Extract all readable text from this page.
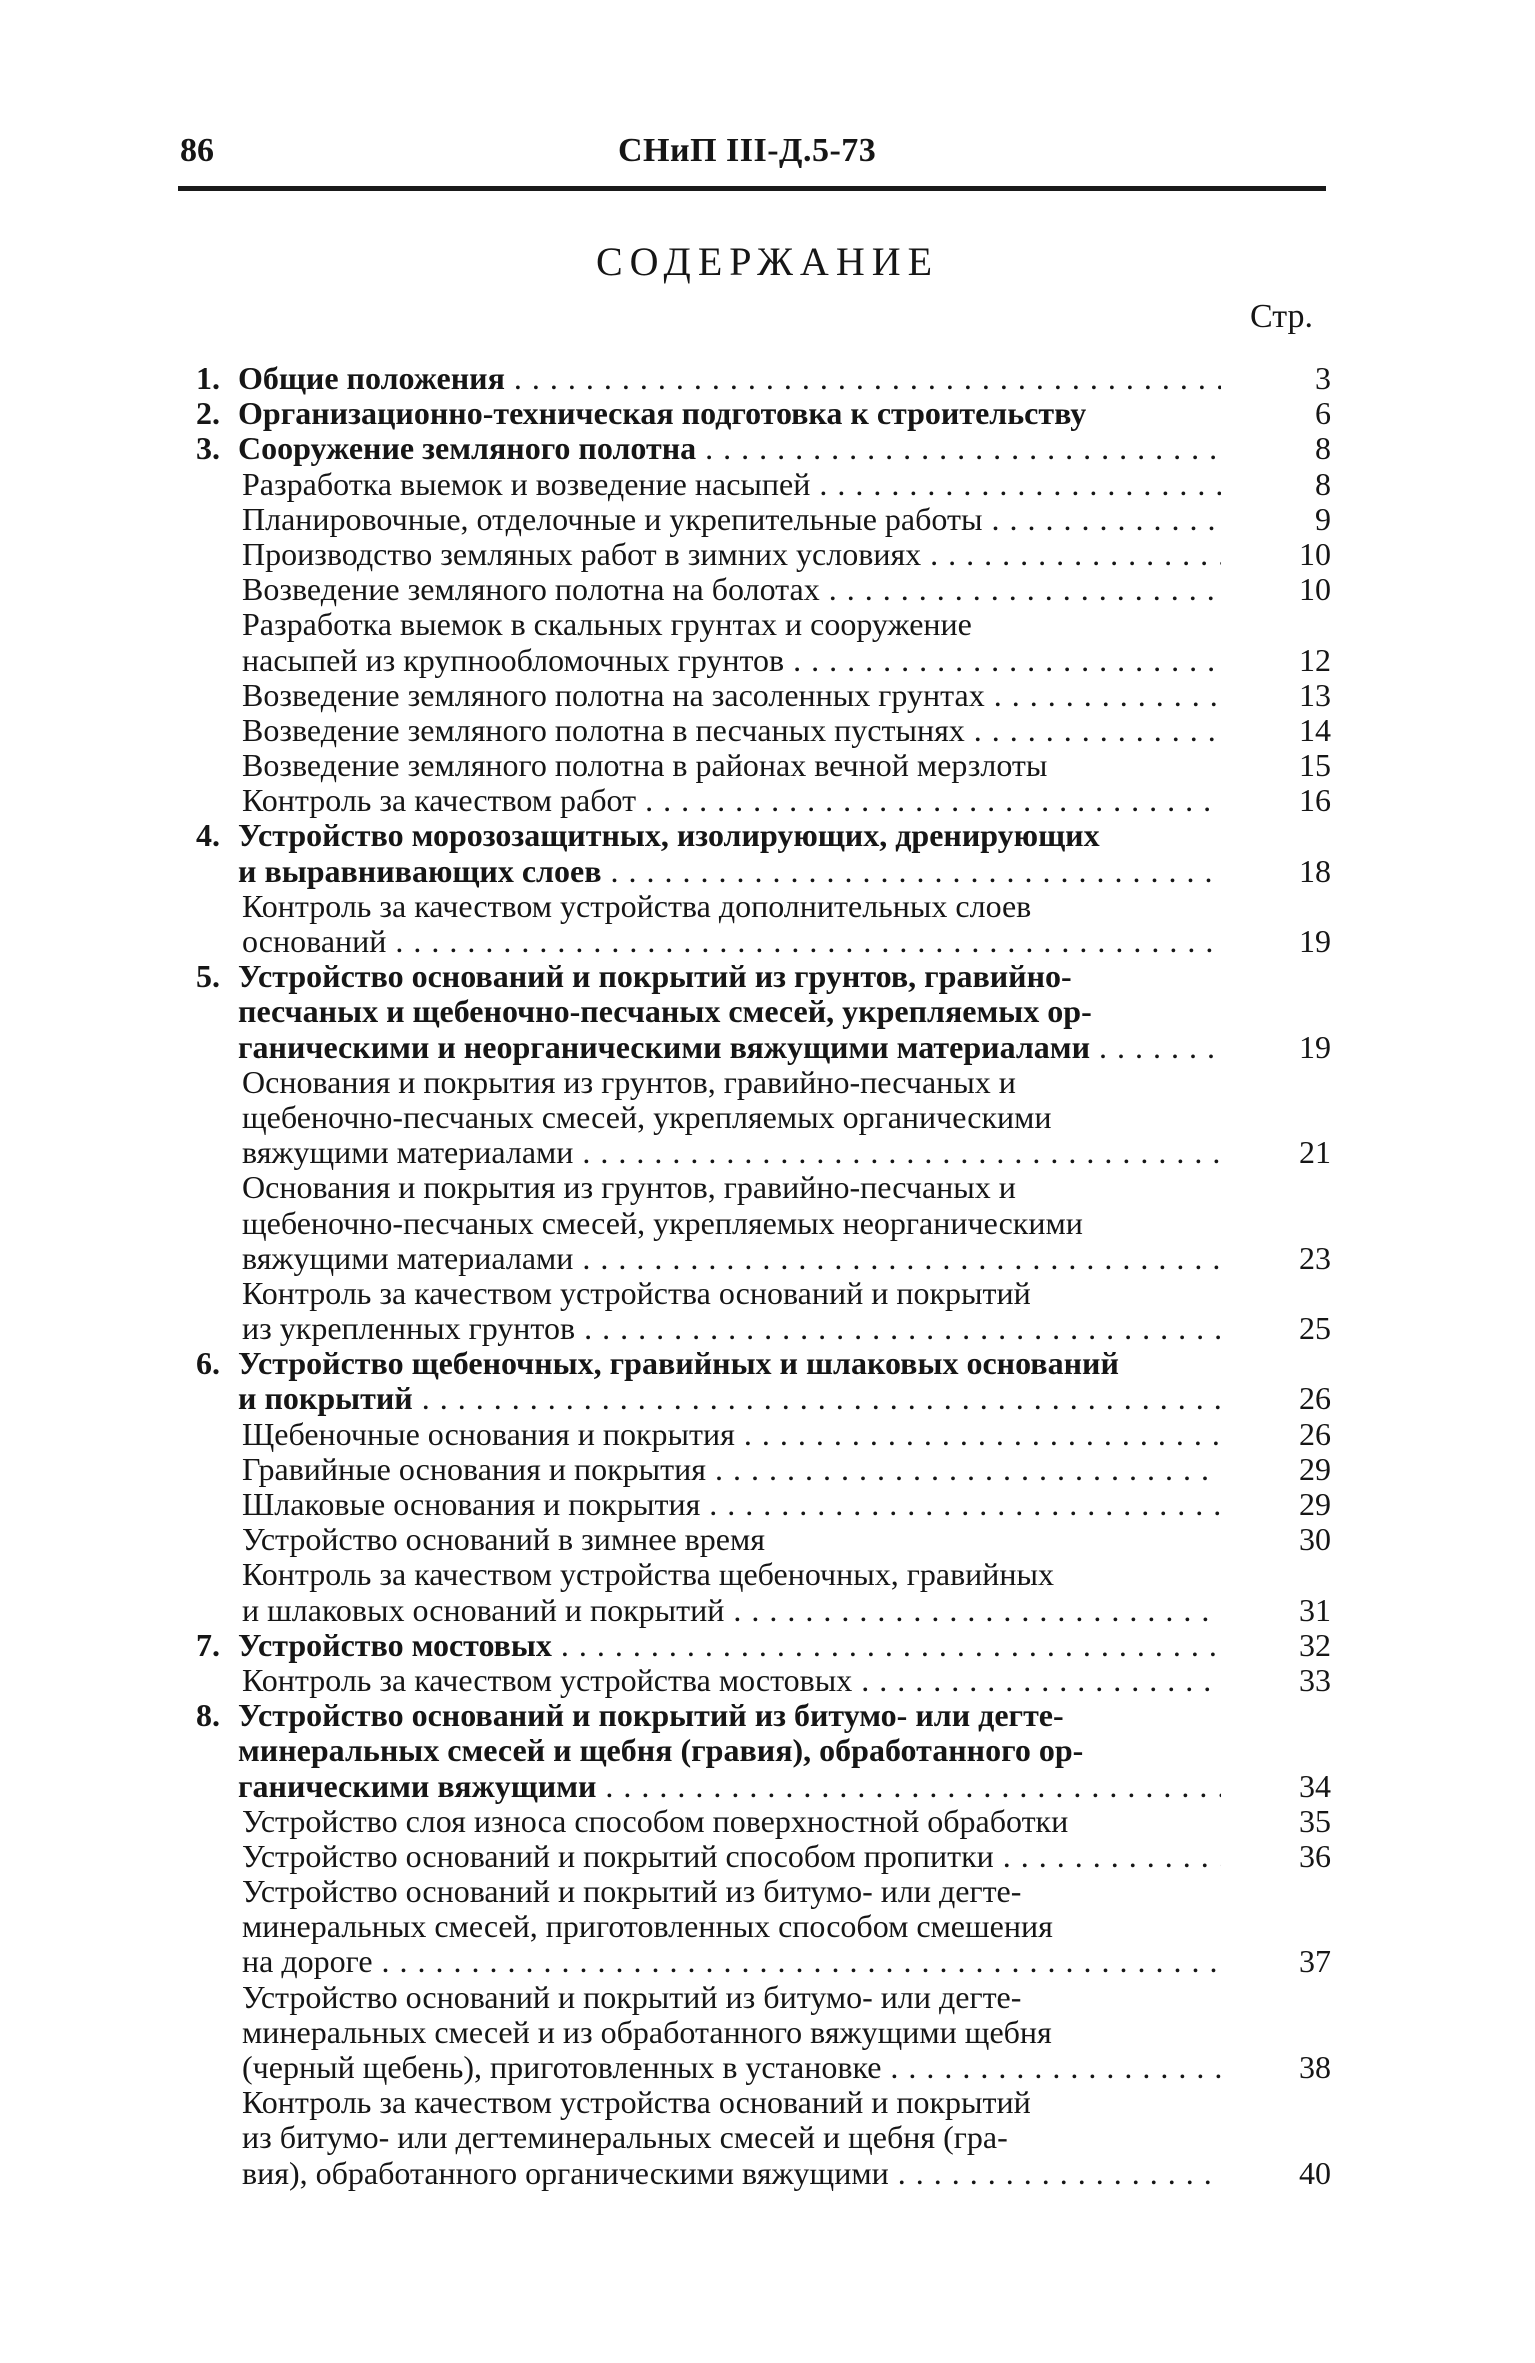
86	СНиП III-Д.5-73
СОДЕРЖАНИЕ
Стр.
1. Общие положения . . .	3
2. Организационно-техническая подготовка к строительству	6
3. Сооружение земляного полотна . . .	8
Разработка выемок и возведение насыпей . . .	8
Планировочные, отделочные и укрепительные работы . . .	9
Производство земляных работ в зимних условиях . . .	10
Возведение земляного полотна на болотах . . .	10
Разработка выемок в скальных грунтах и сооружение
насыпей из крупнообломочных грунтов . . .	12
Возведение земляного полотна на засоленных грунтах . . .	13
Возведение земляного полотна в песчаных пустынях . . .	14
Возведение земляного полотна в районах вечной мерзлоты	15
Контроль за качеством работ . . .	16
4. Устройство морозозащитных, изолирующих, дренирующих
и выравнивающих слоев . . .	18
Контроль за качеством устройства дополнительных слоев
оснований . . .	19
5. Устройство оснований и покрытий из грунтов, гравийно-
песчаных и щебеночно-песчаных смесей, укрепляемых ор-
ганическими и неорганическими вяжущими материалами . . .	19
Основания и покрытия из грунтов, гравийно-песчаных и
щебеночно-песчаных смесей, укрепляемых органическими
вяжущими материалами . . .	21
Основания и покрытия из грунтов, гравийно-песчаных и
щебеночно-песчаных смесей, укрепляемых неорганическими
вяжущими материалами . . .	23
Контроль за качеством устройства оснований и покрытий
из укрепленных грунтов . . .	25
6. Устройство щебеночных, гравийных и шлаковых оснований
и покрытий . . .	26
Щебеночные основания и покрытия . . .	26
Гравийные основания и покрытия . . .	29
Шлаковые основания и покрытия . . .	29
Устройство оснований в зимнее время	30
Контроль за качеством устройства щебеночных, гравийных
и шлаковых оснований и покрытий . . .	31
7. Устройство мостовых . . .	32
Контроль за качеством устройства мостовых . . .	33
8. Устройство оснований и покрытий из битумо- или дегте-
минеральных смесей и щебня (гравия), обработанного ор-
ганическими вяжущими . . .	34
Устройство слоя износа способом поверхностной обработки	35
Устройство оснований и покрытий способом пропитки . . .	36
Устройство оснований и покрытий из битумо- или дегте-
минеральных смесей, приготовленных способом смешения
на дороге . . .	37
Устройство оснований и покрытий из битумо- или дегте-
минеральных смесей и из обработанного вяжущими щебня
(черный щебень), приготовленных в установке . . .	38
Контроль за качеством устройства оснований и покрытий
из битумо- или дегтеминеральных смесей и щебня (гра-
вия), обработанного органическими вяжущими . . .	40
